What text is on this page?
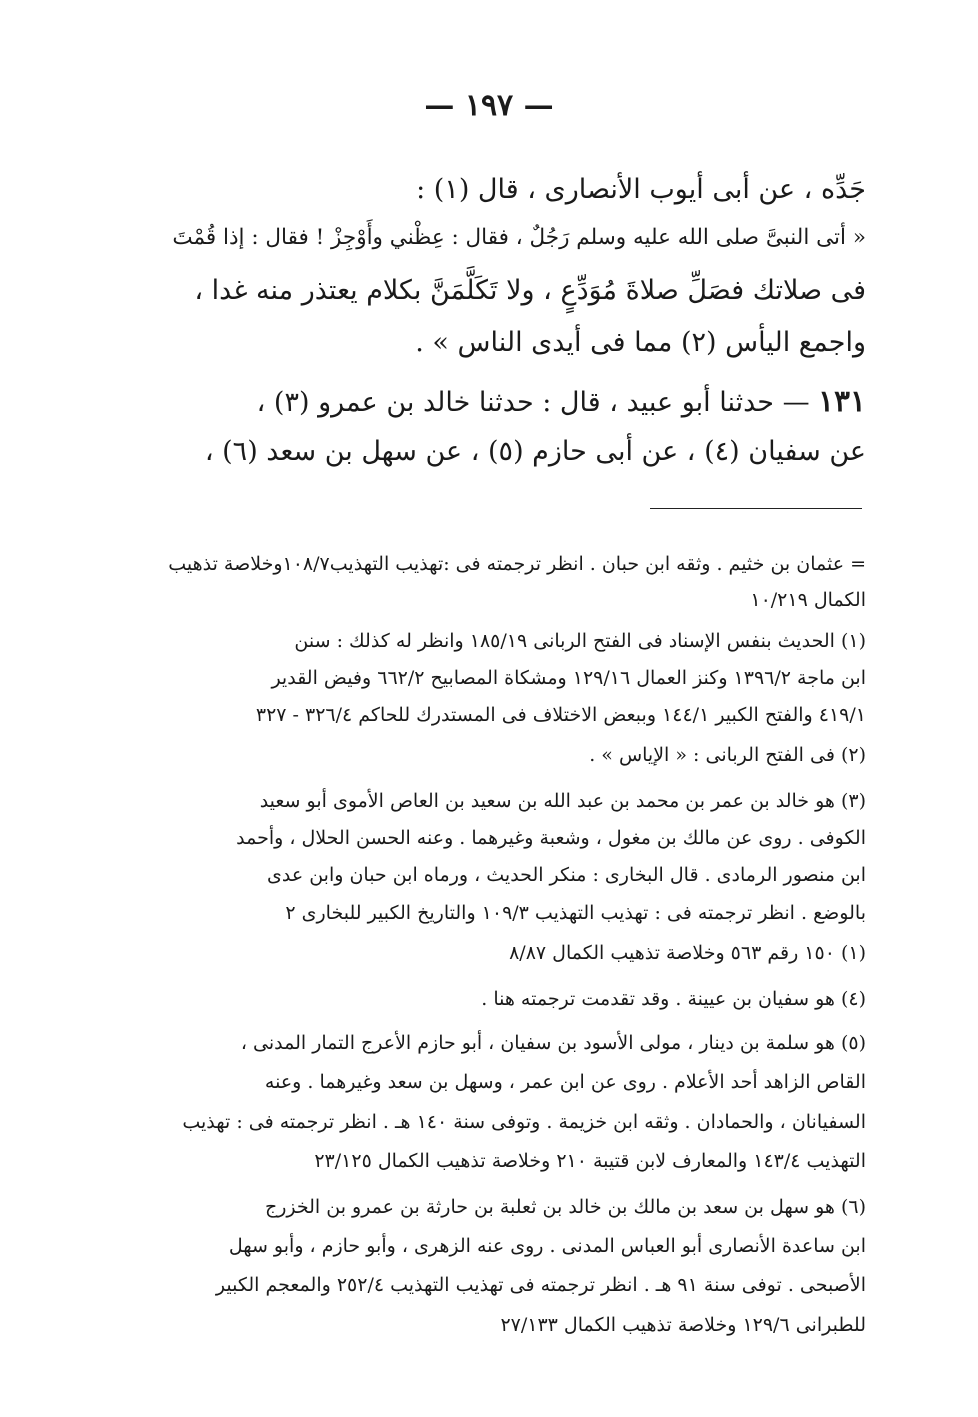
— ١٩٧ —

جَدِّه ، عن أبى أيوب الأنصارى ، قال (١) :

« أتى النبىَّ صلى الله عليه وسلم رَجُلٌ ، فقال : عِظْني وأَوْجِزْ ! فقال : إذا قُمْتَ

فى صلاتك فصَلِّ صلاةَ مُوَدِّعٍ ، ولا تَكَلَّمَنَّ بكلام يعتذر منه غدا ،

واجمع اليأس (٢) مما فى أيدى الناس » .

١٣١ — حدثنا أبو عبيد ، قال : حدثنا خالد بن عمرو (٣) ،

عن سفيان (٤) ، عن أبى حازم (٥) ، عن سهل بن سعد (٦) ،

= عثمان بن خثيم . وثقه ابن حبان . انظر ترجمته فى :تهذيب التهذيب١٠٨/٧وخلاصة تذهيب

الكمال ١٠/٢١٩

(١) الحديث بنفس الإسناد فى الفتح الربانى ١٨٥/١٩ وانظر له كذلك : سنن

ابن ماجة ١٣٩٦/٢ وكنز العمال ١٢٩/١٦ ومشكاة المصابيح ٦٦٢/٢ وفيض القدير

٤١٩/١ والفتح الكبير ١٤٤/١ وببعض الاختلاف فى المستدرك للحاكم ٣٢٦/٤ - ٣٢٧

(٢) فى الفتح الربانى : « الإياس » .

(٣) هو خالد بن عمر بن محمد بن عبد الله بن سعيد بن العاص الأموى أبو سعيد

الكوفى . روى عن مالك بن مغول ، وشعبة وغيرهما . وعنه الحسن الحلال ، وأحمد

ابن منصور الرمادى . قال البخارى : منكر الحديث ، ورماه ابن حبان وابن عدى

بالوضع . انظر ترجمته فى : تهذيب التهذيب ١٠٩/٣ والتاريخ الكبير للبخارى ٢

(١) ١٥٠ رقم ٥٦٣ وخلاصة تذهيب الكمال ٨/٨٧

(٤) هو سفيان بن عيينة . وقد تقدمت ترجمته هنا .

(٥) هو سلمة بن دينار ، مولى الأسود بن سفيان ، أبو حازم الأعرج التمار المدنى ،

القاص الزاهد أحد الأعلام . روى عن ابن عمر ، وسهل بن سعد وغيرهما . وعنه

السفيانان ، والحمادان . وثقه ابن خزيمة . وتوفى سنة ١٤٠ هـ . انظر ترجمته فى : تهذيب

التهذيب ١٤٣/٤ والمعارف لابن قتيبة ٢١٠ وخلاصة تذهيب الكمال ٢٣/١٢٥

(٦) هو سهل بن سعد بن مالك بن خالد بن ثعلبة بن حارثة بن عمرو بن الخزرج

ابن ساعدة الأنصارى أبو العباس المدنى . روى عنه الزهرى ، وأبو حازم ، وأبو سهل

الأصبحى . توفى سنة ٩١ هـ . انظر ترجمته فى تهذيب التهذيب ٢٥٢/٤ والمعجم الكبير

للطبرانى ١٢٩/٦ وخلاصة تذهيب الكمال ٢٧/١٣٣
